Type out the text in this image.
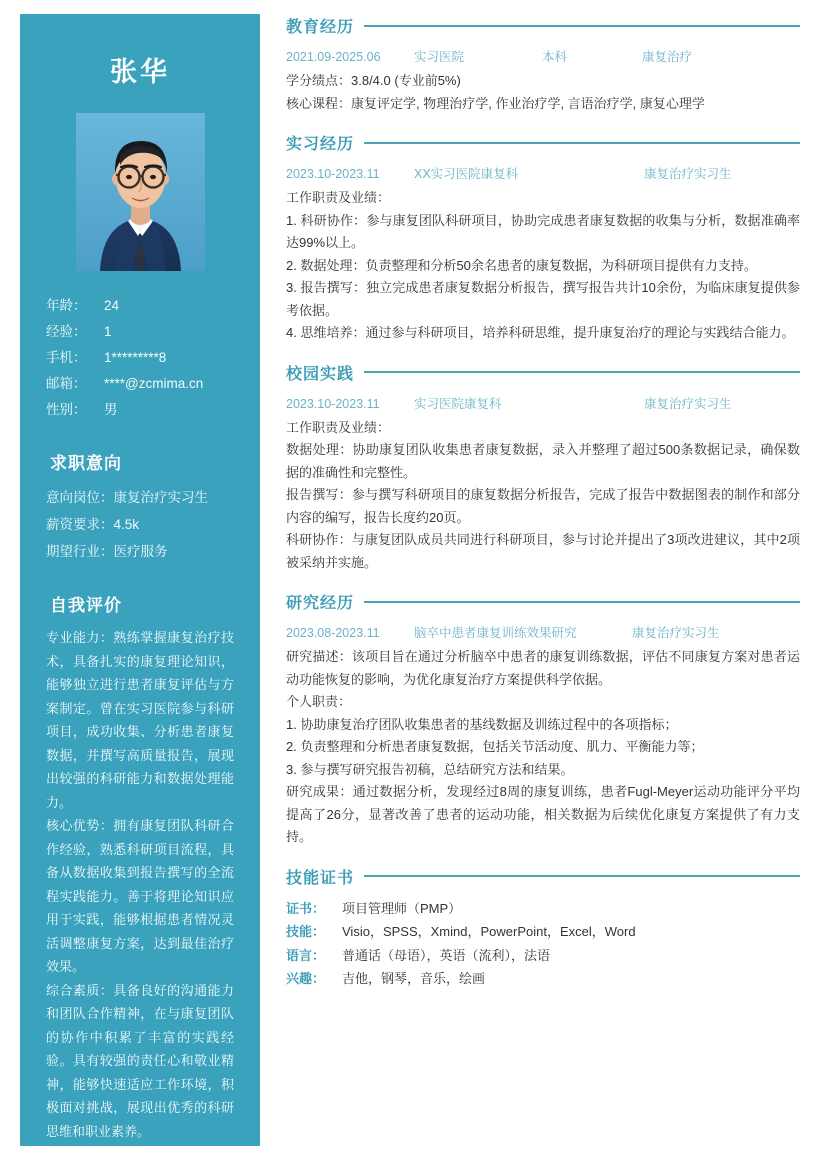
张华
年龄：	24
经验：	1
手机：	1*********8
邮箱：	****@zcmima.cn
性别：	男
求职意向
意向岗位：康复治疗实习生
薪资要求：4.5k
期望行业：医疗服务
自我评价
专业能力：熟练掌握康复治疗技术，具备扎实的康复理论知识，能够独立进行患者康复评估与方案制定。曾在实习医院参与科研项目，成功收集、分析患者康复数据，并撰写高质量报告，展现出较强的科研能力和数据处理能力。
核心优势：拥有康复团队科研合作经验，熟悉科研项目流程，具备从数据收集到报告撰写的全流程实践能力。善于将理论知识应用于实践，能够根据患者情况灵活调整康复方案，达到最佳治疗效果。
综合素质：具备良好的沟通能力和团队合作精神，在与康复团队的协作中积累了丰富的实践经验。具有较强的责任心和敬业精神，能够快速适应工作环境，积极面对挑战，展现出优秀的科研思维和职业素养。
教育经历
2021.09-2025.06	实习医院	本科	康复治疗
学分绩点：3.8/4.0 (专业前5%)
核心课程：康复评定学, 物理治疗学, 作业治疗学, 言语治疗学, 康复心理学
实习经历
2023.10-2023.11	XX实习医院康复科	康复治疗实习生
工作职责及业绩：
1. 科研协作：参与康复团队科研项目，协助完成患者康复数据的收集与分析，数据准确率达99%以上。
2. 数据处理：负责整理和分析50余名患者的康复数据，为科研项目提供有力支持。
3. 报告撰写：独立完成患者康复数据分析报告，撰写报告共计10余份，为临床康复提供参考依据。
4. 思维培养：通过参与科研项目，培养科研思维，提升康复治疗的理论与实践结合能力。
校园实践
2023.10-2023.11	实习医院康复科	康复治疗实习生
工作职责及业绩：
数据处理：协助康复团队收集患者康复数据，录入并整理了超过500条数据记录，确保数据的准确性和完整性。
报告撰写：参与撰写科研项目的康复数据分析报告，完成了报告中数据图表的制作和部分内容的编写，报告长度约20页。
科研协作：与康复团队成员共同进行科研项目，参与讨论并提出了3项改进建议，其中2项被采纳并实施。
研究经历
2023.08-2023.11	脑卒中患者康复训练效果研究	康复治疗实习生
研究描述：该项目旨在通过分析脑卒中患者的康复训练数据，评估不同康复方案对患者运动功能恢复的影响，为优化康复治疗方案提供科学依据。
个人职责：
1. 协助康复治疗团队收集患者的基线数据及训练过程中的各项指标；
2. 负责整理和分析患者康复数据，包括关节活动度、肌力、平衡能力等；
3. 参与撰写研究报告初稿，总结研究方法和结果。
研究成果：通过数据分析，发现经过8周的康复训练，患者Fugl-Meyer运动功能评分平均提高了26分，显著改善了患者的运动功能，相关数据为后续优化康复方案提供了有力支持。
技能证书
证书：	项目管理师（PMP）
技能：	Visio，SPSS，Xmind，PowerPoint，Excel，Word
语言：	普通话（母语），英语（流利），法语
兴趣：	吉他，钢琴，音乐，绘画
